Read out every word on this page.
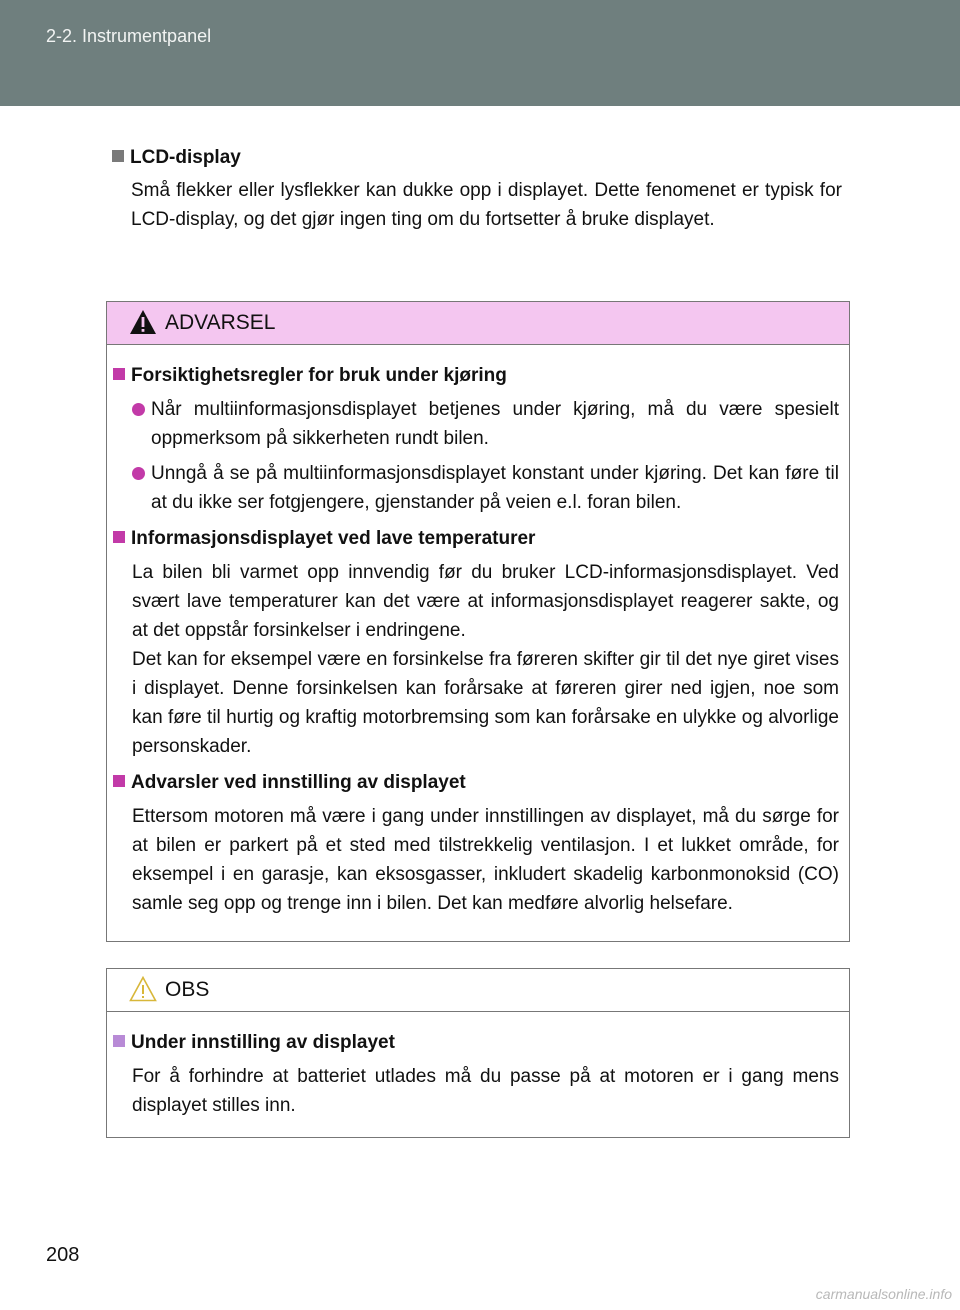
2-2. Instrumentpanel

LCD-display

Små flekker eller lysflekker kan dukke opp i displayet. Dette fenomenet er typisk for LCD-display, og det gjør ingen ting om du fortsetter å bruke displayet.

ADVARSEL

Forsiktighetsregler for bruk under kjøring

Når multiinformasjonsdisplayet betjenes under kjøring, må du være spesielt oppmerksom på sikkerheten rundt bilen.

Unngå å se på multiinformasjonsdisplayet konstant under kjøring. Det kan føre til at du ikke ser fotgjengere, gjenstander på veien e.l. foran bilen.

Informasjonsdisplayet ved lave temperaturer

La bilen bli varmet opp innvendig før du bruker LCD-informasjonsdisplayet. Ved svært lave temperaturer kan det være at informasjonsdisplayet reagerer sakte, og at det oppstår forsinkelser i endringene.

Det kan for eksempel være en forsinkelse fra føreren skifter gir til det nye giret vises i displayet. Denne forsinkelsen kan forårsake at føreren girer ned igjen, noe som kan føre til hurtig og kraftig motorbremsing som kan forårsake en ulykke og alvorlige personskader.

Advarsler ved innstilling av displayet

Ettersom motoren må være i gang under innstillingen av displayet, må du sørge for at bilen er parkert på et sted med tilstrekkelig ventilasjon. I et lukket område, for eksempel i en garasje, kan eksosgasser, inkludert skadelig karbonmonoksid (CO) samle seg opp og trenge inn i bilen. Det kan medføre alvorlig helsefare.

OBS

Under innstilling av displayet

For å forhindre at batteriet utlades må du passe på at motoren er i gang mens displayet stilles inn.

208
carmanualsonline.info
